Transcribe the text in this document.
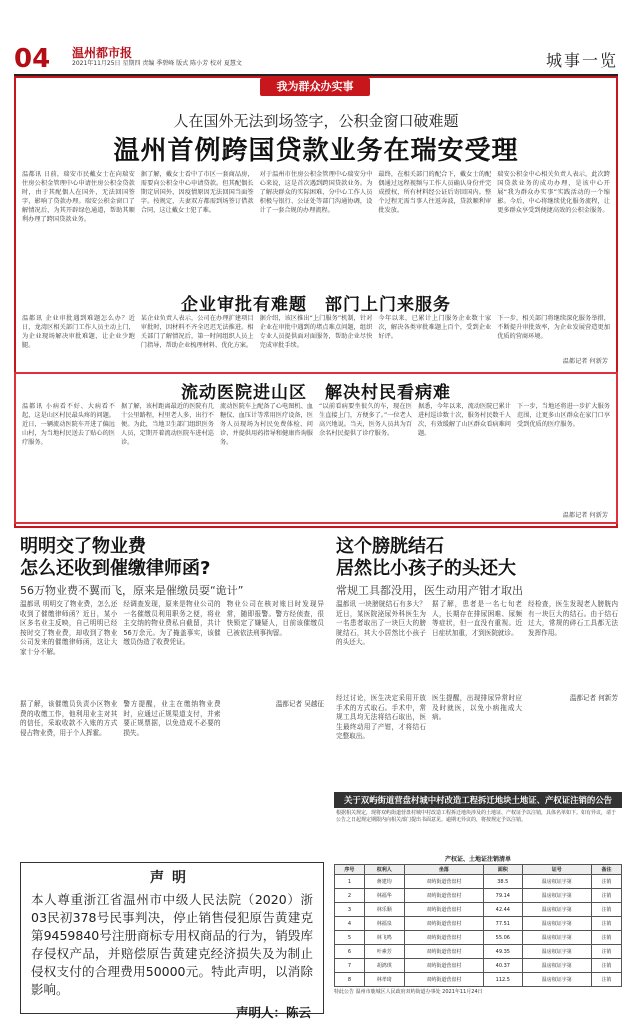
04 温州都市报
2021年11月25日 星期四 责编 季碧峰 版式 陈小芳 校对 夏慧文	城事一览
我为群众办实事
人在国外无法到场签字，公积金窗口破难题
温州首例跨国贷款业务在瑞安受理
温都讯 日前，瑞安市民戴女士在向瑞安住房公积金管理中心申请住房公积金贷款时，由于其配偶人在国外，无法回国签字，影响了贷款办理。瑞安公积金窗口了解情况后，为其开辟绿色通道，帮助其顺利办理了跨国贷款业务。
据了解，戴女士看中了市区一套商品房，需要向公积金中心申请贷款。但其配偶长期定居国外，因疫情原因无法回国当面签字。按规定，夫妻双方都需到场签订借款合同，这让戴女士犯了难。
对于温州市住房公积金管理中心瑞安分中心来说，这是首次遇到跨国贷款业务。为了解决群众的实际困难，分中心工作人员积极与银行、公证处等部门沟通协调，设计了一套合规的办理流程。
最终，在相关部门的配合下，戴女士的配偶通过远程视频与工作人员确认身份并完成授权，所有材料经公证后寄回国内。整个过程无需当事人往返奔波，贷款顺利审批发放。
瑞安公积金中心相关负责人表示，此次跨国贷款业务的成功办理，是该中心开展“我为群众办实事”实践活动的一个缩影。今后，中心将继续优化服务流程，让更多群众享受到便捷高效的公积金服务。
企业审批有难题　部门上门来服务
温都讯 企业审批遇到难题怎么办？近日，龙湾区相关部门工作人员主动上门，为企业现场解决审批难题，让企业少跑腿。
某企业负责人表示，公司在办理扩建项目审批时，因材料不齐全迟迟无法推进。相关部门了解情况后，第一时间组织人员上门指导，帮助企业梳理材料、优化方案。
据介绍，该区推出“上门服务”机制，针对企业在审批中遇到的堵点难点问题，组织专业人员提供面对面服务，帮助企业尽快完成审批手续。
今年以来，已累计上门服务企业数十家次，解决各类审批难题上百个，受到企业好评。
下一步，相关部门将继续深化服务举措，不断提升审批效率，为企业发展营造更加优质的营商环境。
温都记者 何新芳
流动医院进山区　解决村民看病难
温都讯 小病看不好、大病看不起，这是山区村民最头疼的问题。近日，一辆流动医院车开进了偏远山村，为当地村民送去了贴心的医疗服务。
据了解，该村距离最近的医院有几十公里路程，村里老人多，出行不便。为此，当地卫生部门组织医务人员，定期开着流动医院车进村巡诊。
流动医院车上配备了心电图机、血糖仪、血压计等常用医疗设备，医务人员现场为村民免费体检、问诊，并提供用药指导和健康咨询服务。
“以前看病要坐很久的车，现在医生直接上门，方便多了。”一位老人高兴地说。当天，医务人员共为百余名村民提供了诊疗服务。
据悉，今年以来，流动医院已累计进村巡诊数十次，服务村民数千人次，有效缓解了山区群众看病难问题。
下一步，当地还将进一步扩大服务范围，让更多山区群众在家门口享受到优质的医疗服务。
温都记者 何新芳
明明交了物业费
怎么还收到催缴律师函?
56万物业费不翼而飞，原来是催缴员耍“诡计”
温都讯 明明交了物业费，怎么还收到了催缴律师函？近日，某小区多名业主反映，自己明明已经按时交了物业费，却收到了物业公司发来的催缴律师函，这让大家十分不解。
经调查发现，原来是物业公司的一名催缴员利用职务之便，将业主交纳的物业费私自截留，共计56万余元。为了掩盖事实，该催缴员伪造了收费凭证。
物业公司在核对账目时发现异常，随即报警。警方经侦查，很快锁定了嫌疑人，目前该催缴员已被依法刑事拘留。
据了解，该催缴员负责小区物业费的收缴工作，他利用业主对其的信任，采取收款不入账的方式侵占物业费，用于个人挥霍。
警方提醒，业主在缴纳物业费时，应通过正规渠道支付，并索要正规票据，以免造成不必要的损失。
温都记者 吴越征
这个膀胱结石
居然比小孩子的头还大
常规工具都没用，医生动用产钳才取出
温都讯 一块膀胱结石有多大？近日，某医院泌尿外科医生为一名患者取出了一块巨大的膀胱结石，其大小居然比小孩子的头还大。
据了解，患者是一名七旬老人，长期存在排尿困难、尿频等症状，但一直没有重视。近日症状加重，才到医院就诊。
经检查，医生发现老人膀胱内有一块巨大的结石。由于结石过大，常规的碎石工具都无法发挥作用。
经过讨论，医生决定采用开放手术的方式取石。手术中，常规工具均无法将结石取出，医生最终动用了产钳，才将结石完整取出。
医生提醒，出现排尿异常时应及时就医，以免小病拖成大病。
温都记者 何新芳
声明
本人尊重浙江省温州市中级人民法院（2020）浙03民初378号民事判决，停止销售侵犯原告黄建克第9459840号注册商标专用权商品的行为，销毁库存侵权产品，并赔偿原告黄建克经济损失及为制止侵权支付的合理费用50000元。特此声明，以消除影响。
声明人：陈云
关于双屿街道营盘村城中村改造工程拆迁地块土地证、产权证注销的公告
根据相关规定，现将双屿街道营盘村城中村改造工程拆迁地块涉及的土地证、产权证予以注销，具体名单如下。如有异议，请于公告之日起规定期限内向相关部门提出书面意见。逾期无异议的，将按规定予以注销。
产权证、土地证注销清单
序号	权利人	坐落	面积	证号	备注
1	蒋建均	双屿街道营盘村	38.5	温房权证字第	注销
2	林福华	双屿街道营盘村	79.14	温房权证字第	注销
3	林乐顺	双屿街道营盘村	42.44	温房权证字第	注销
4	林福泉	双屿街道营盘村	77.51	温房权证字第	注销
5	林飞鸣	双屿街道营盘村	55.06	温房权证字第	注销
6	叶素芳	双屿街道营盘村	49.35	温房权证字第	注销
7	胡鸿琪	双屿街道营盘村	40.37	温房权证字第	注销
8	林孝琦	双屿街道营盘村	112.5	温房权证字第	注销
特此公告 温州市鹿城区人民政府双屿街道办事处 2021年11月24日
